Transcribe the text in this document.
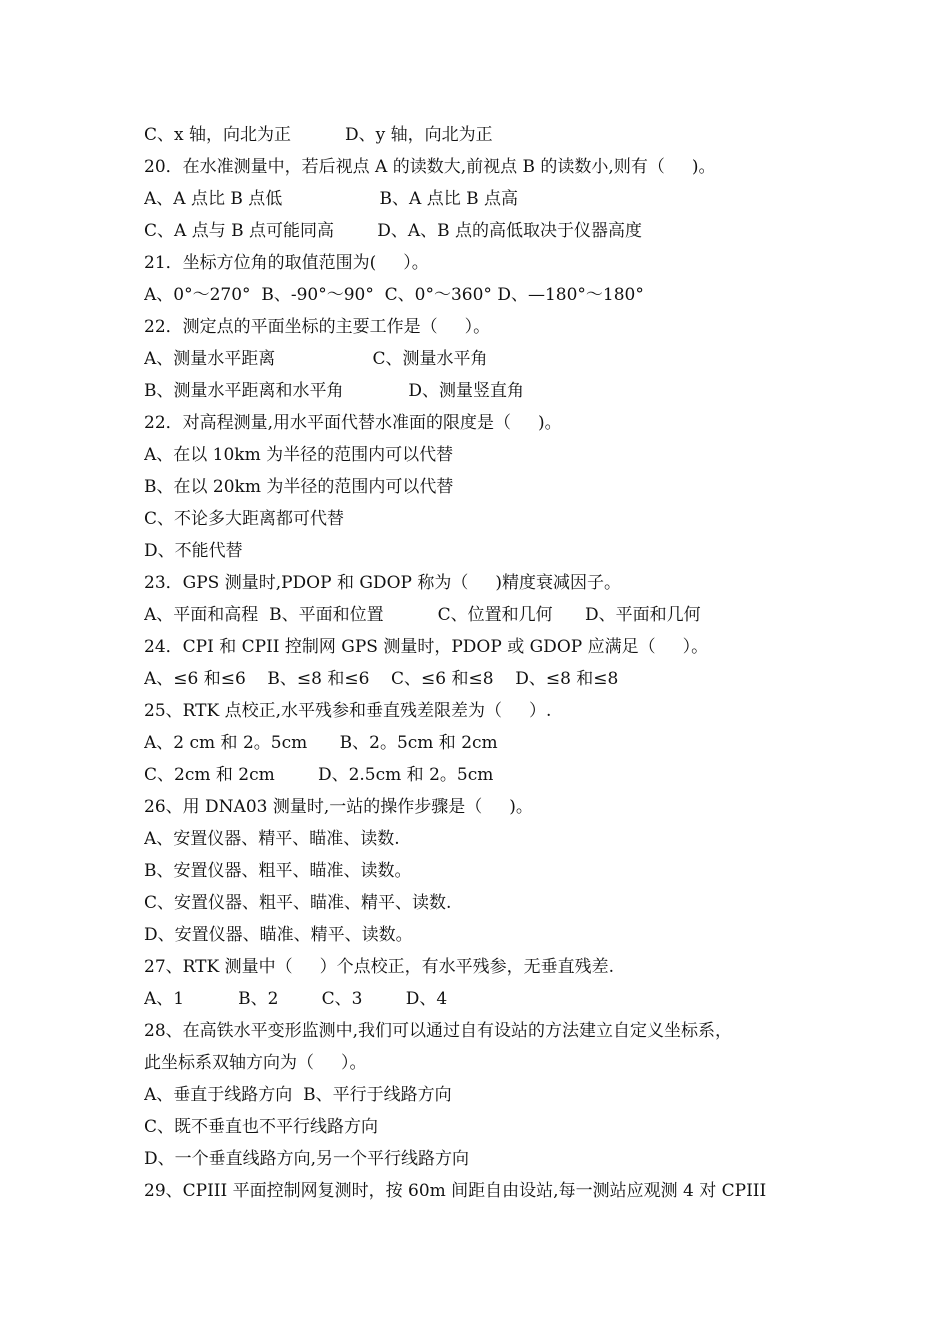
C、x 轴，向北为正          D、y 轴，向北为正
20．在水准测量中，若后视点 A 的读数大,前视点 B 的读数小,则有（     )。
A、A 点比 B 点低                  B、A 点比 B 点高
C、A 点与 B 点可能同高        D、A、B 点的高低取决于仪器高度
21．坐标方位角的取值范围为(     ）。
A、0°～270°  B、-90°～90°  C、0°～360° D、—180°～180°
22．测定点的平面坐标的主要工作是（     ）。
A、测量水平距离                  C、测量水平角
B、测量水平距离和水平角            D、测量竖直角
22．对高程测量,用水平面代替水准面的限度是（     )。
A、在以 10km 为半径的范围内可以代替
B、在以 20km 为半径的范围内可以代替
C、不论多大距离都可代替
D、不能代替
23．GPS 测量时,PDOP 和 GDOP 称为（     )精度衰减因子。
A、平面和高程  B、平面和位置          C、位置和几何      D、平面和几何
24．CPI 和 CPII 控制网 GPS 测量时，PDOP 或 GDOP 应满足（     ）。
A、≤6 和≤6    B、≤8 和≤6    C、≤6 和≤8    D、≤8 和≤8
25、RTK 点校正,水平残参和垂直残差限差为（     ）.
A、2 cm 和 2。5cm      B、2。5cm 和 2cm
C、2cm 和 2cm        D、2.5cm 和 2。5cm
26、用 DNA03 测量时,一站的操作步骤是（     )。
A、安置仪器、精平、瞄准、读数.
B、安置仪器、粗平、瞄准、读数。
C、安置仪器、粗平、瞄准、精平、读数.
D、安置仪器、瞄准、精平、读数。
27、RTK 测量中（     ）个点校正，有水平残参，无垂直残差.
A、1          B、2        C、3        D、4
28、在高铁水平变形监测中,我们可以通过自有设站的方法建立自定义坐标系，
此坐标系双轴方向为（     ）。
A、垂直于线路方向  B、平行于线路方向
C、既不垂直也不平行线路方向
D、一个垂直线路方向,另一个平行线路方向
29、CPIII 平面控制网复测时，按 60m 间距自由设站,每一测站应观测 4 对 CPIII
